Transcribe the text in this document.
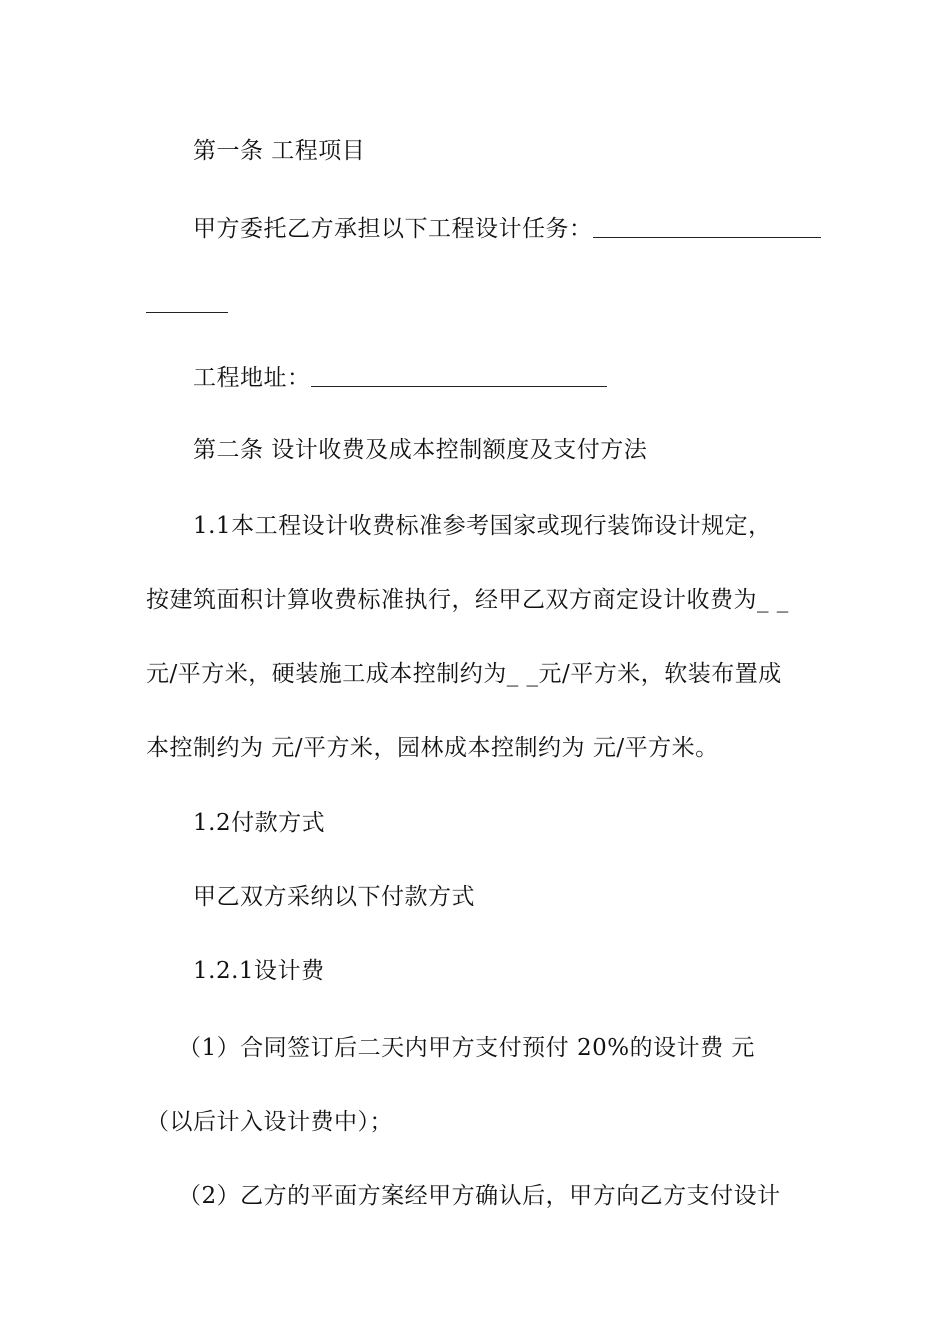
第一条 工程项目
甲方委托乙方承担以下工程设计任务：
工程地址：
第二条 设计收费及成本控制额度及支付方法
1.1本工程设计收费标准参考国家或现行装饰设计规定，
按建筑面积计算收费标准执行，经甲乙双方商定设计收费为_ _
元/平方米，硬装施工成本控制约为_ _元/平方米，软装布置成
本控制约为 元/平方米，园林成本控制约为 元/平方米。
1.2付款方式
甲乙双方采纳以下付款方式
1.2.1设计费
（1）合同签订后二天内甲方支付预付 20%的设计费 元
（以后计入设计费中）；
（2）乙方的平面方案经甲方确认后，甲方向乙方支付设计
